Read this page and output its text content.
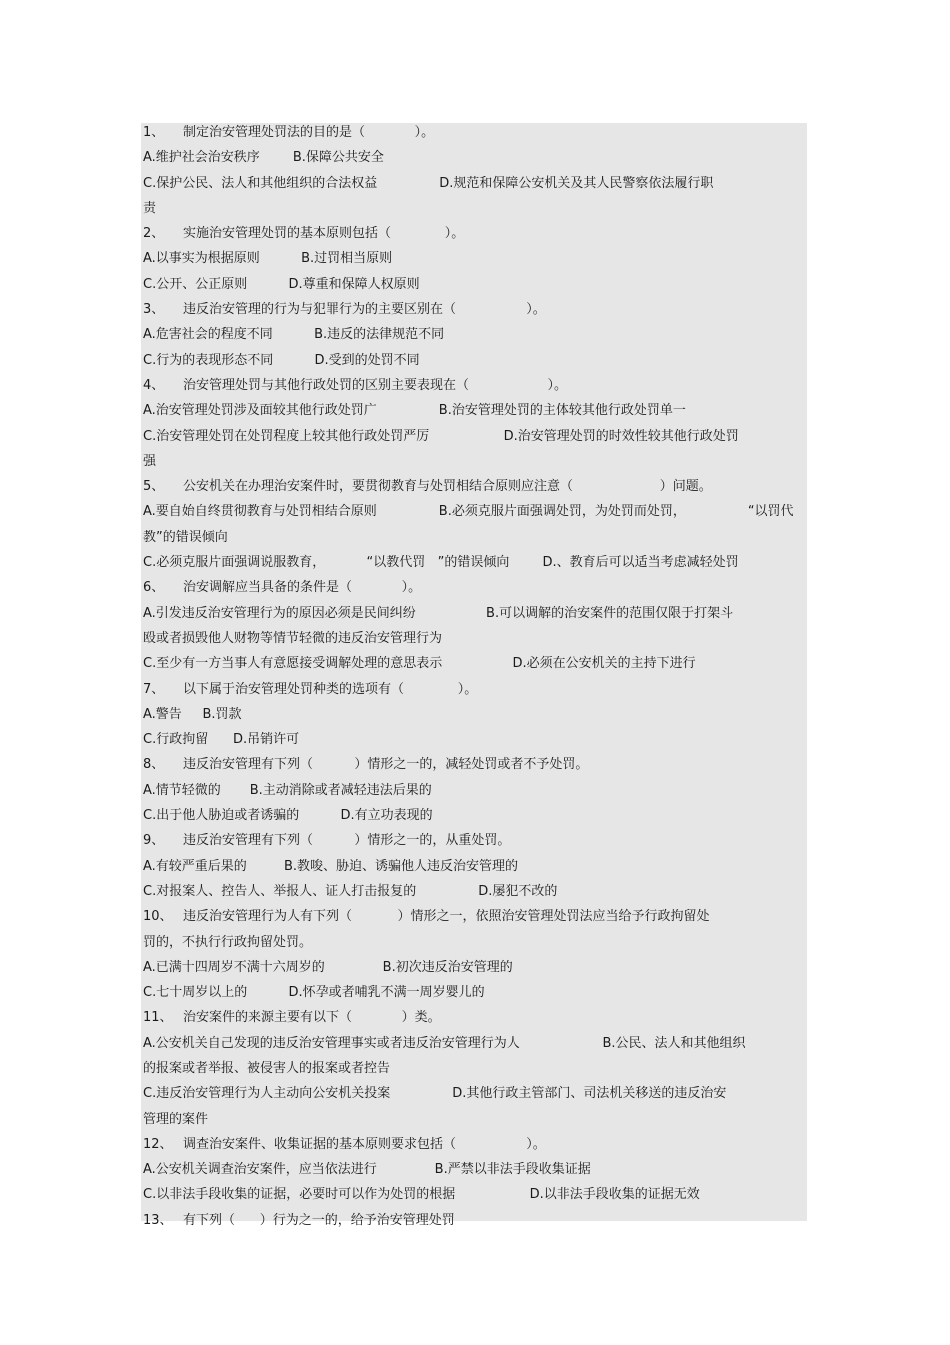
1、 制定治安管理处罚法的目的是（            ）。
A.维护社会治安秩序        B.保障公共安全
C.保护公民、法人和其他组织的合法权益               D.规范和保障公安机关及其人民警察依法履行职
责
2、 实施治安管理处罚的基本原则包括（             ）。
A.以事实为根据原则          B.过罚相当原则
C.公开、公正原则          D.尊重和保障人权原则
3、 违反治安管理的行为与犯罪行为的主要区别在（                 ）。
A.危害社会的程度不同          B.违反的法律规范不同
C.行为的表现形态不同          D.受到的处罚不同
4、 治安管理处罚与其他行政处罚的区别主要表现在（                   ）。
A.治安管理处罚涉及面较其他行政处罚广               B.治安管理处罚的主体较其他行政处罚单一
C.治安管理处罚在处罚程度上较其他行政处罚严厉                  D.治安管理处罚的时效性较其他行政处罚
强
5、 公安机关在办理治安案件时，要贯彻教育与处罚相结合原则应注意（                     ）问题。
A.要自始自终贯彻教育与处罚相结合原则               B.必须克服片面强调处罚，为处罚而处罚，               “以罚代
教”的错误倾向
C.必须克服片面强调说服教育，          “以教代罚   ”的错误倾向        D.、教育后可以适当考虑减轻处罚
6、 治安调解应当具备的条件是（            ）。
A.引发违反治安管理行为的原因必须是民间纠纷                 B.可以调解的治安案件的范围仅限于打架斗
殴或者损毁他人财物等情节轻微的违反治安管理行为
C.至少有一方当事人有意愿接受调解处理的意思表示                 D.必须在公安机关的主持下进行
7、 以下属于治安管理处罚种类的选项有（             ）。
A.警告     B.罚款
C.行政拘留      D.吊销许可
8、 违反治安管理有下列（          ）情形之一的，减轻处罚或者不予处罚。
A.情节轻微的       B.主动消除或者减轻违法后果的
C.出于他人胁迫或者诱骗的          D.有立功表现的
9、 违反治安管理有下列（          ）情形之一的，从重处罚。
A.有较严重后果的         B.教唆、胁迫、诱骗他人违反治安管理的
C.对报案人、控告人、举报人、证人打击报复的               D.屡犯不改的
10、 违反治安管理行为人有下列（           ）情形之一，依照治安管理处罚法应当给予行政拘留处
罚的，不执行行政拘留处罚。
A.已满十四周岁不满十六周岁的              B.初次违反治安管理的
C.七十周岁以上的          D.怀孕或者哺乳不满一周岁婴儿的
11、 治安案件的来源主要有以下（            ）类。
A.公安机关自己发现的违反治安管理事实或者违反治安管理行为人                    B.公民、法人和其他组织
的报案或者举报、被侵害人的报案或者控告
C.违反治安管理行为人主动向公安机关投案               D.其他行政主管部门、司法机关移送的违反治安
管理的案件
12、 调查治安案件、收集证据的基本原则要求包括（                 ）。
A.公安机关调查治安案件，应当依法进行              B.严禁以非法手段收集证据
C.以非法手段收集的证据，必要时可以作为处罚的根据                  D.以非法手段收集的证据无效
13、 有下列（      ）行为之一的，给予治安管理处罚
